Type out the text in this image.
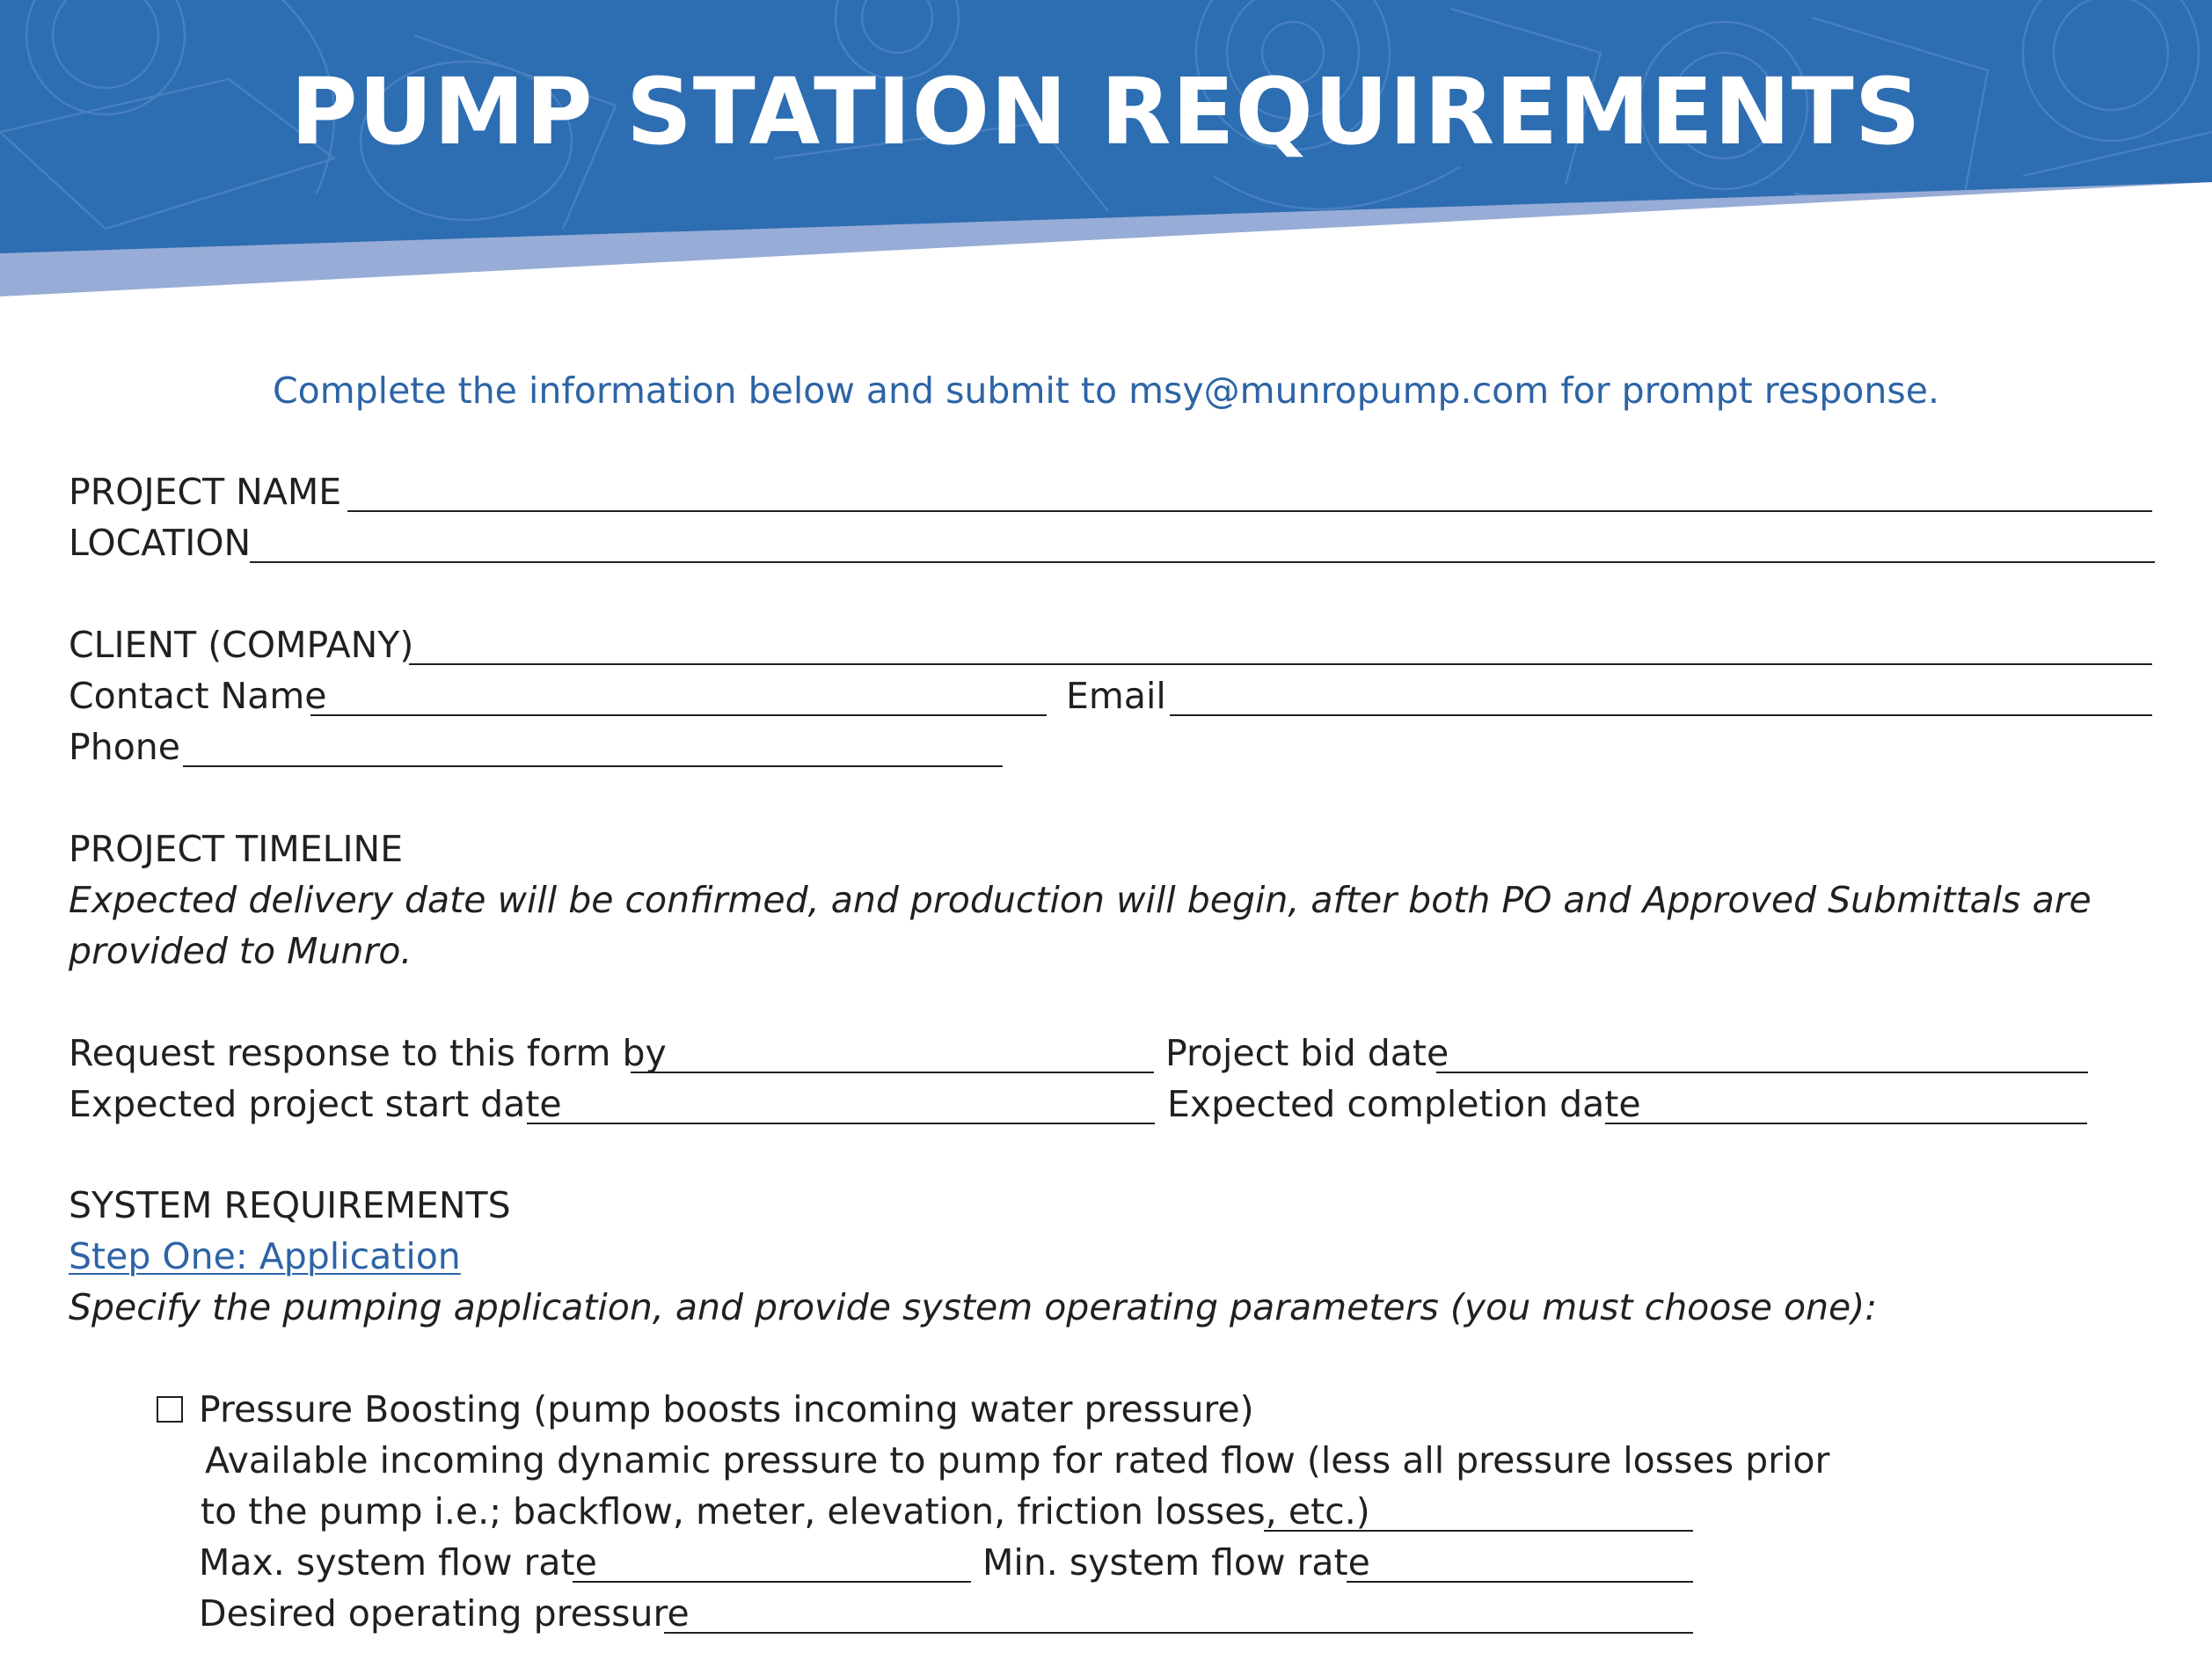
PUMP STATION REQUIREMENTS
Complete the information below and submit to msy@munropump.com for prompt response.
PROJECT NAME
LOCATION
CLIENT (COMPANY)
Contact Name	Email
Phone
PROJECT TIMELINE
Expected delivery date will be confirmed, and production will begin, after both PO and Approved Submittals are
provided to Munro.
Request response to this form by	Project bid date
Expected project start date	Expected completion date
SYSTEM REQUIREMENTS
Step One: Application
Specify the pumping application, and provide system operating parameters (you must choose one):
Pressure Boosting (pump boosts incoming water pressure)
Available incoming dynamic pressure to pump for rated flow (less all pressure losses prior
to the pump i.e.; backflow, meter, elevation, friction losses, etc.)
Max. system flow rate	Min. system flow rate
Desired operating pressure
